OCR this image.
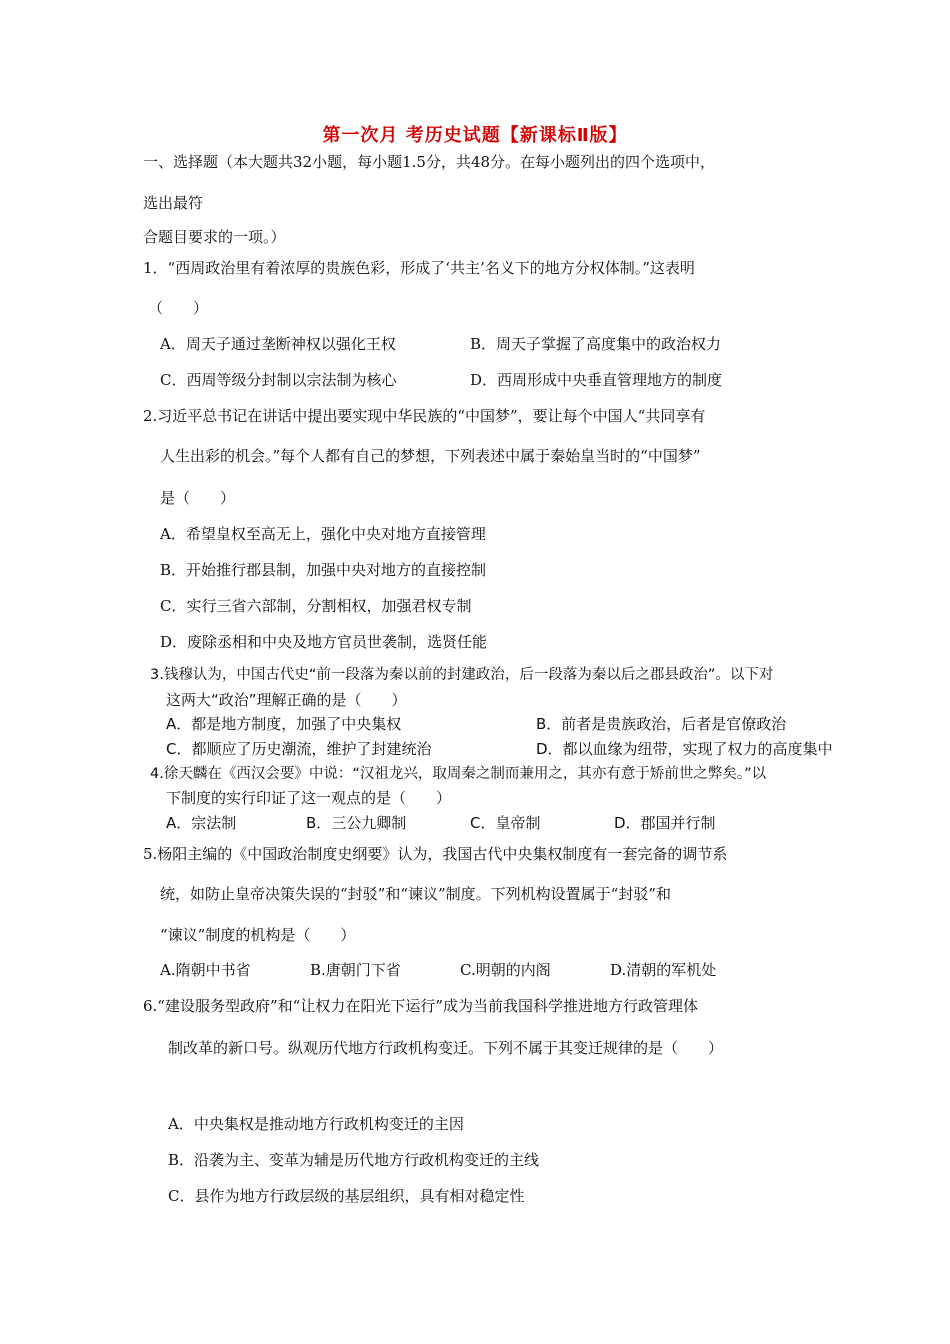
第一次月 考历史试题【新课标Ⅱ版】
一、选择题（本大题共32小题，每小题1.5分，共48分。在每小题列出的四个选项中，
选出最符
合题目要求的一项。）
1．“西周政治里有着浓厚的贵族色彩，形成了‘共主’名义下的地方分权体制。”这表明
（　　）
A．周天子通过垄断神权以强化王权	B．周天子掌握了高度集中的政治权力
C．西周等级分封制以宗法制为核心	D．西周形成中央垂直管理地方的制度
2.习近平总书记在讲话中提出要实现中华民族的“中国梦”，要让每个中国人“共同享有
人生出彩的机会。”每个人都有自己的梦想，下列表述中属于秦始皇当时的“中国梦”
是（　　）
A．希望皇权至高无上，强化中央对地方直接管理
B．开始推行郡县制，加强中央对地方的直接控制
C．实行三省六部制，分割相权，加强君权专制
D．废除丞相和中央及地方官员世袭制，选贤任能
3.钱穆认为，中国古代史“前一段落为秦以前的封建政治，后一段落为秦以后之郡县政治”。以下对
这两大“政治”理解正确的是（　　）
A．都是地方制度，加强了中央集权	B．前者是贵族政治，后者是官僚政治
C．都顺应了历史潮流，维护了封建统治	D．都以血缘为纽带，实现了权力的高度集中
4.徐天麟在《西汉会要》中说：“汉祖龙兴，取周秦之制而兼用之，其亦有意于矫前世之弊矣。”以
下制度的实行印证了这一观点的是（　　）
A．宗法制	B．三公九卿制	C．皇帝制	D．郡国并行制
5.杨阳主编的《中国政治制度史纲要》认为，我国古代中央集权制度有一套完备的调节系
统，如防止皇帝决策失误的“封驳”和“谏议”制度。下列机构设置属于“封驳”和
“谏议”制度的机构是（　　）
A.隋朝中书省	B.唐朝门下省	C.明朝的内阁	D.清朝的军机处
6.“建设服务型政府”和“让权力在阳光下运行”成为当前我国科学推进地方行政管理体
制改革的新口号。纵观历代地方行政机构变迁。下列不属于其变迁规律的是（　　）
A．中央集权是推动地方行政机构变迁的主因
B．沿袭为主、变革为辅是历代地方行政机构变迁的主线
C．县作为地方行政层级的基层组织，具有相对稳定性
